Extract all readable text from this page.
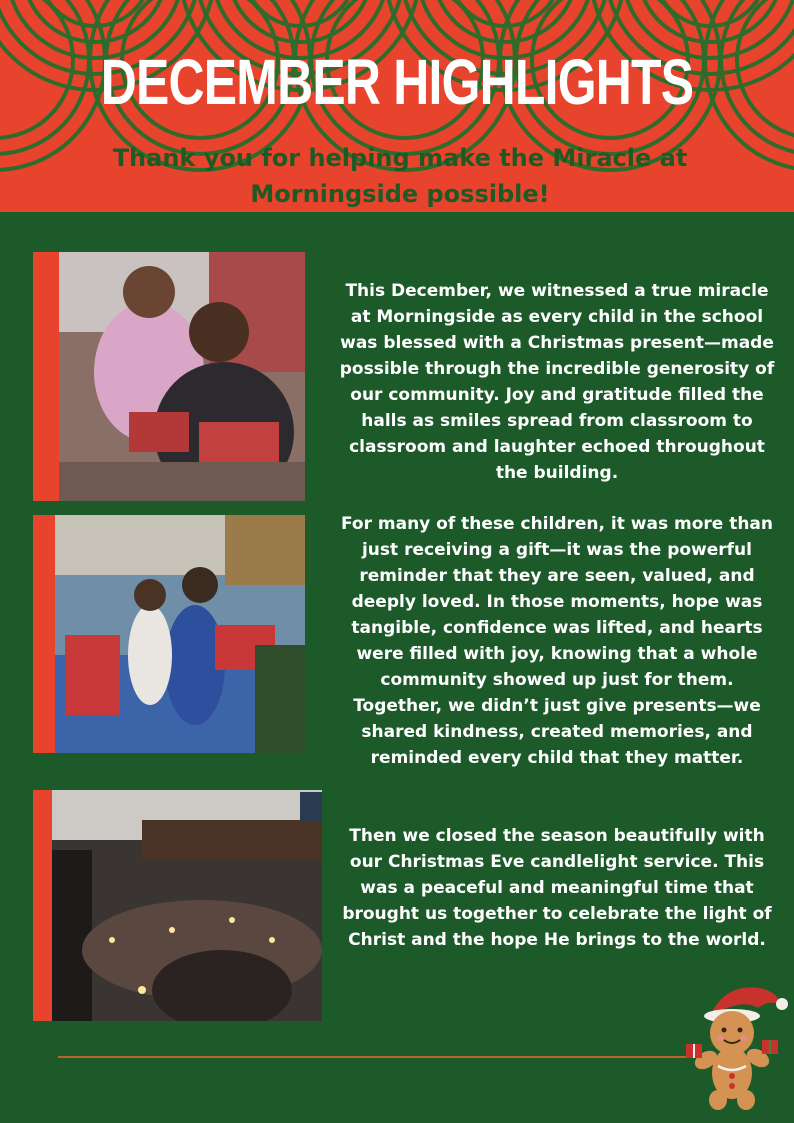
DECEMBER HIGHLIGHTS
Thank you for helping make the Miracle at Morningside possible!
This December, we witnessed a true miracle at Morningside as every child in the school was blessed with a Christmas present—made possible through the incredible generosity of our community. Joy and gratitude filled the halls as smiles spread from classroom to classroom and laughter echoed throughout the building.
For many of these children, it was more than just receiving a gift—it was the powerful reminder that they are seen, valued, and deeply loved. In those moments, hope was tangible, confidence was lifted, and hearts were filled with joy, knowing that a whole community showed up just for them. Together, we didn’t just give presents—we shared kindness, created memories, and reminded every child that they matter.
Then we closed the season beautifully with our Christmas Eve candlelight service. This was a peaceful and meaningful time that brought us together to celebrate the light of Christ and the hope He brings to the world.
